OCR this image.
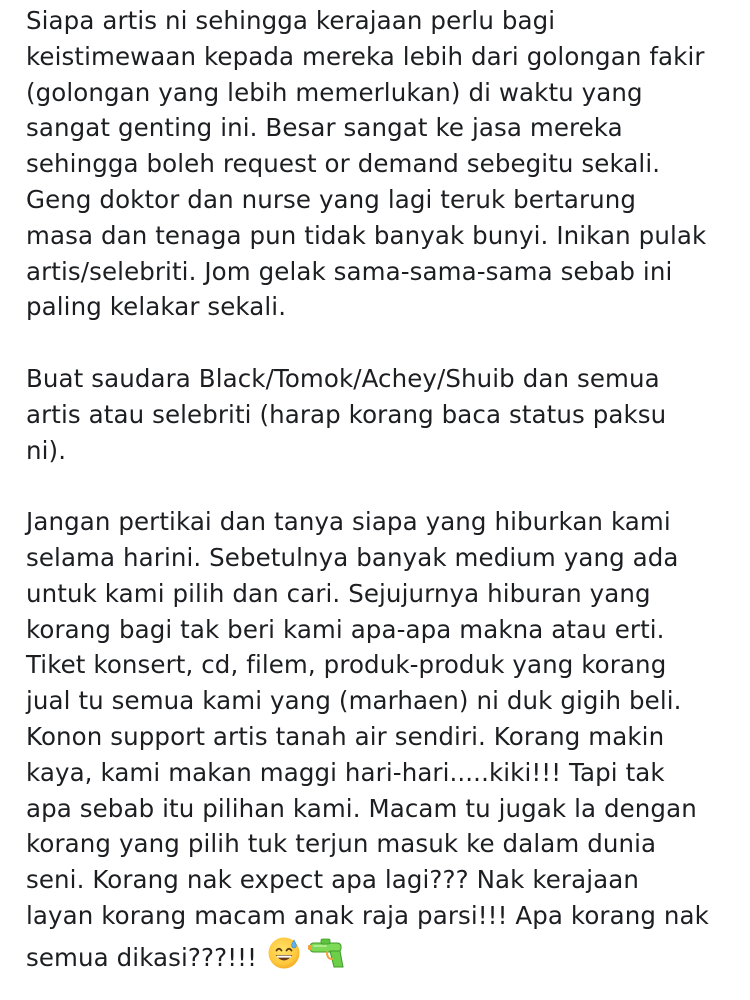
Siapa artis ni sehingga kerajaan perlu bagi
keistimewaan kepada mereka lebih dari golongan fakir
(golongan yang lebih memerlukan) di waktu yang
sangat genting ini. Besar sangat ke jasa mereka
sehingga boleh request or demand sebegitu sekali.
Geng doktor dan nurse yang lagi teruk bertarung
masa dan tenaga pun tidak banyak bunyi. Inikan pulak
artis/selebriti. Jom gelak sama-sama-sama sebab ini
paling kelakar sekali.
Buat saudara Black/Tomok/Achey/Shuib dan semua
artis atau selebriti (harap korang baca status paksu
ni).
Jangan pertikai dan tanya siapa yang hiburkan kami
selama harini. Sebetulnya banyak medium yang ada
untuk kami pilih dan cari. Sejujurnya hiburan yang
korang bagi tak beri kami apa-apa makna atau erti.
Tiket konsert, cd, filem, produk-produk yang korang
jual tu semua kami yang (marhaen) ni duk gigih beli.
Konon support artis tanah air sendiri. Korang makin
kaya, kami makan maggi hari-hari.....kiki!!! Tapi tak
apa sebab itu pilihan kami. Macam tu jugak la dengan
korang yang pilih tuk terjun masuk ke dalam dunia
seni. Korang nak expect apa lagi??? Nak kerajaan
layan korang macam anak raja parsi!!! Apa korang nak
semua dikasi???!!!
